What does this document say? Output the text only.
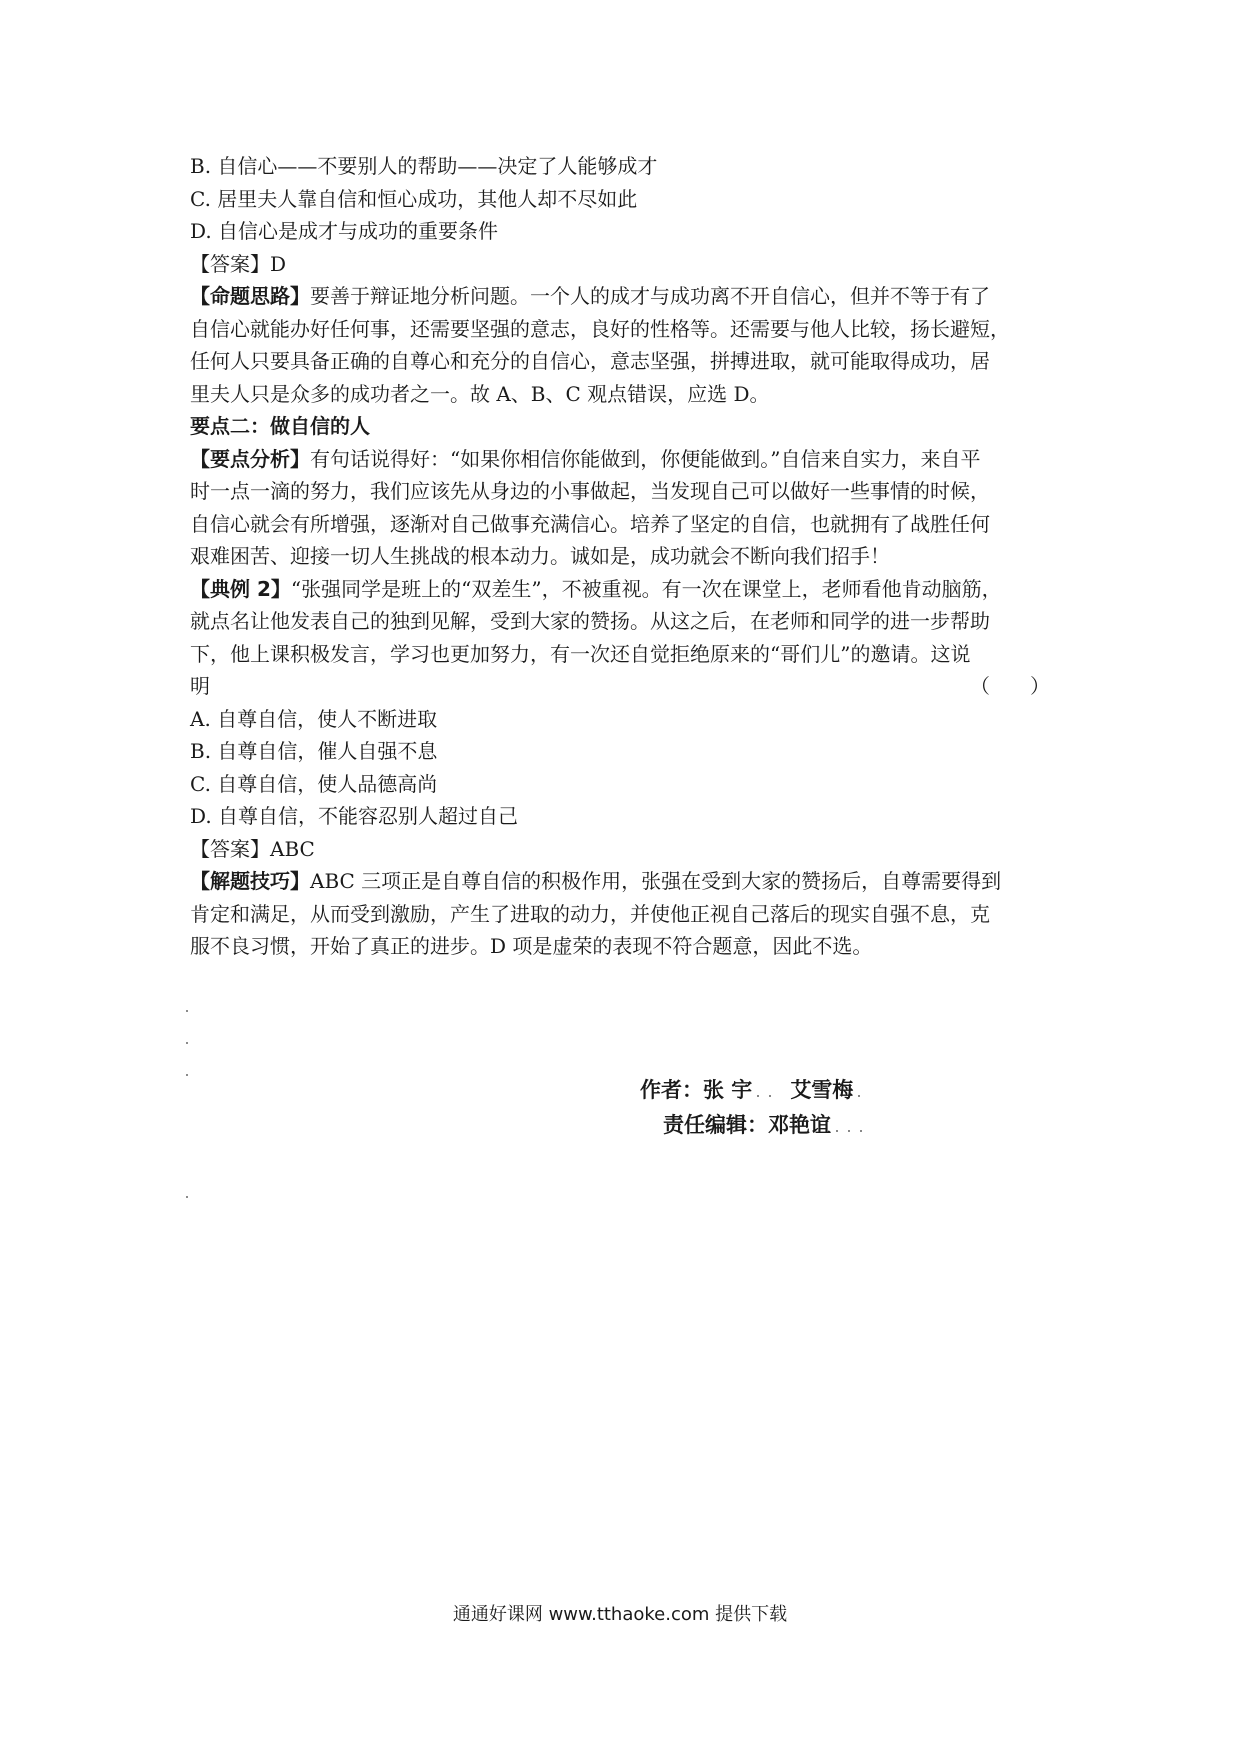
B. 自信心——不要别人的帮助——决定了人能够成才
C. 居里夫人靠自信和恒心成功，其他人却不尽如此
D. 自信心是成才与成功的重要条件
【答案】D
【命题思路】要善于辩证地分析问题。一个人的成才与成功离不开自信心，但并不等于有了
自信心就能办好任何事，还需要坚强的意志，良好的性格等。还需要与他人比较，扬长避短，
任何人只要具备正确的自尊心和充分的自信心，意志坚强，拼搏进取，就可能取得成功，居
里夫人只是众多的成功者之一。故 A、B、C 观点错误，应选 D。
要点二：做自信的人
【要点分析】有句话说得好：“如果你相信你能做到，你便能做到。”自信来自实力，来自平
时一点一滴的努力，我们应该先从身边的小事做起，当发现自己可以做好一些事情的时候，
自信心就会有所增强，逐渐对自己做事充满信心。培养了坚定的自信，也就拥有了战胜任何
艰难困苦、迎接一切人生挑战的根本动力。诚如是，成功就会不断向我们招手！
【典例 2】“张强同学是班上的“双差生”，不被重视。有一次在课堂上，老师看他肯动脑筋，
就点名让他发表自己的独到见解，受到大家的赞扬。从这之后，在老师和同学的进一步帮助
下，他上课积极发言，学习也更加努力，有一次还自觉拒绝原来的“哥们儿”的邀请。这说
明	（　　）
A. 自尊自信，使人不断进取
B. 自尊自信，催人自强不息
C. 自尊自信，使人品德高尚
D. 自尊自信，不能容忍别人超过自己
【答案】ABC
【解题技巧】ABC 三项正是自尊自信的积极作用，张强在受到大家的赞扬后，自尊需要得到
肯定和满足，从而受到激励，产生了进取的动力，并使他正视自己落后的现实自强不息，克
服不良习惯，开始了真正的进步。D 项是虚荣的表现不符合题意，因此不选。
作者：张 宇 艾雪梅
责任编辑：邓艳谊
通通好课网 www.tthaoke.com 提供下载
